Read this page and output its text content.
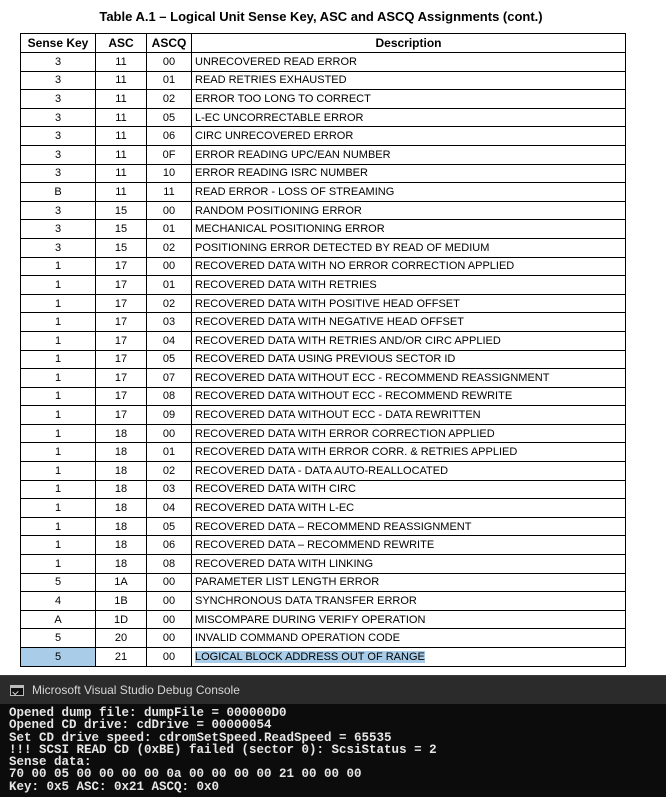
Table A.1 – Logical Unit Sense Key, ASC and ASCQ Assignments (cont.)
Sense Key	ASC	ASCQ	Description
3	11	00	UNRECOVERED READ ERROR
3	11	01	READ RETRIES EXHAUSTED
3	11	02	ERROR TOO LONG TO CORRECT
3	11	05	L-EC UNCORRECTABLE ERROR
3	11	06	CIRC UNRECOVERED ERROR
3	11	0F	ERROR READING UPC/EAN NUMBER
3	11	10	ERROR READING ISRC NUMBER
B	11	11	READ ERROR - LOSS OF STREAMING
3	15	00	RANDOM POSITIONING ERROR
3	15	01	MECHANICAL POSITIONING ERROR
3	15	02	POSITIONING ERROR DETECTED BY READ OF MEDIUM
1	17	00	RECOVERED DATA WITH NO ERROR CORRECTION APPLIED
1	17	01	RECOVERED DATA WITH RETRIES
1	17	02	RECOVERED DATA WITH POSITIVE HEAD OFFSET
1	17	03	RECOVERED DATA WITH NEGATIVE HEAD OFFSET
1	17	04	RECOVERED DATA WITH RETRIES AND/OR CIRC APPLIED
1	17	05	RECOVERED DATA USING PREVIOUS SECTOR ID
1	17	07	RECOVERED DATA WITHOUT ECC - RECOMMEND REASSIGNMENT
1	17	08	RECOVERED DATA WITHOUT ECC - RECOMMEND REWRITE
1	17	09	RECOVERED DATA WITHOUT ECC - DATA REWRITTEN
1	18	00	RECOVERED DATA WITH ERROR CORRECTION APPLIED
1	18	01	RECOVERED DATA WITH ERROR CORR. & RETRIES APPLIED
1	18	02	RECOVERED DATA - DATA AUTO-REALLOCATED
1	18	03	RECOVERED DATA WITH CIRC
1	18	04	RECOVERED DATA WITH L-EC
1	18	05	RECOVERED DATA – RECOMMEND REASSIGNMENT
1	18	06	RECOVERED DATA – RECOMMEND REWRITE
1	18	08	RECOVERED DATA WITH LINKING
5	1A	00	PARAMETER LIST LENGTH ERROR
4	1B	00	SYNCHRONOUS DATA TRANSFER ERROR
A	1D	00	MISCOMPARE DURING VERIFY OPERATION
5	20	00	INVALID COMMAND OPERATION CODE
5	21	00	LOGICAL BLOCK ADDRESS OUT OF RANGE
Microsoft Visual Studio Debug Console
Opened dump file: dumpFile = 000000D0
Opened CD drive: cdDrive = 00000054
Set CD drive speed: cdromSetSpeed.ReadSpeed = 65535
!!! SCSI READ CD (0xBE) failed (sector 0): ScsiStatus = 2
Sense data:
70 00 05 00 00 00 00 0a 00 00 00 00 21 00 00 00
Key: 0x5 ASC: 0x21 ASCQ: 0x0
